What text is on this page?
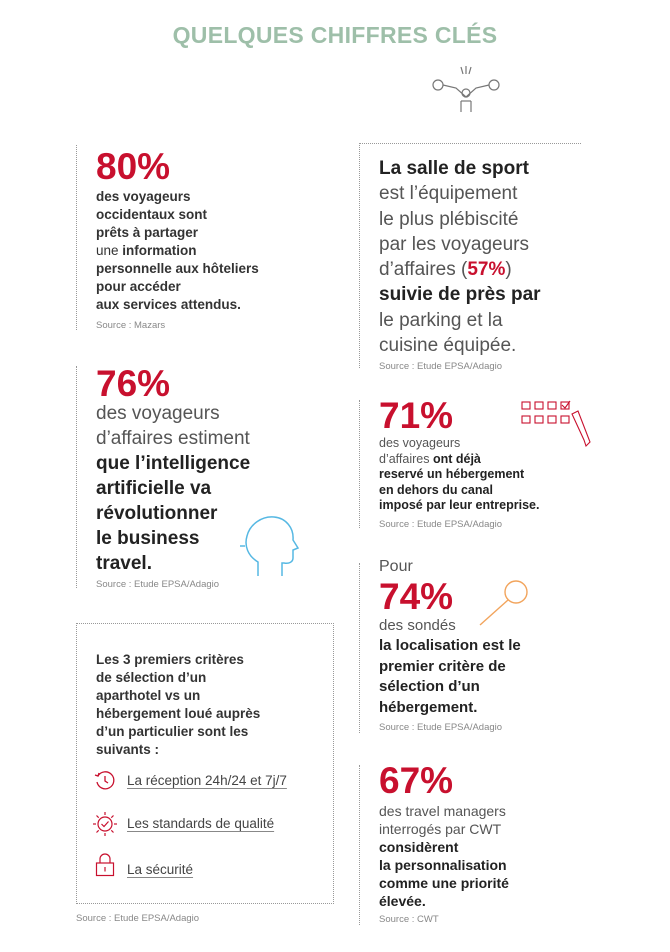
QUELQUES CHIFFRES CLÉS
80%
des voyageurs
occidentaux sont
prêts à partager
une information
personnelle aux hôteliers
pour accéder
aux services attendus.
Source : Mazars
La salle de sport
est l’équipement
le plus plébiscité
par les voyageurs
d’affaires (57%)
suivie de près par
le parking et la
cuisine équipée.
Source : Etude EPSA/Adagio
76%
des voyageurs
d’affaires estiment
que l’intelligence
artificielle va
révolutionner
le business
travel.
Source : Etude EPSA/Adagio
71%
des voyageurs
d’affaires ont déjà
reservé un hébergement
en dehors du canal
imposé par leur entreprise.
Source : Etude EPSA/Adagio
Les 3 premiers critères
de sélection d’un
aparthotel vs un
hébergement loué auprès
d’un particulier sont les
suivants :
La réception 24h/24 et 7j/7
Les standards de qualité
La sécurité
Source : Etude EPSA/Adagio
Pour
74%
des sondés
la localisation est le
premier critère de
sélection d’un
hébergement.
Source : Etude EPSA/Adagio
67%
des travel managers
interrogés par CWT
considèrent
la personnalisation
comme une priorité
élevée.
Source : CWT
